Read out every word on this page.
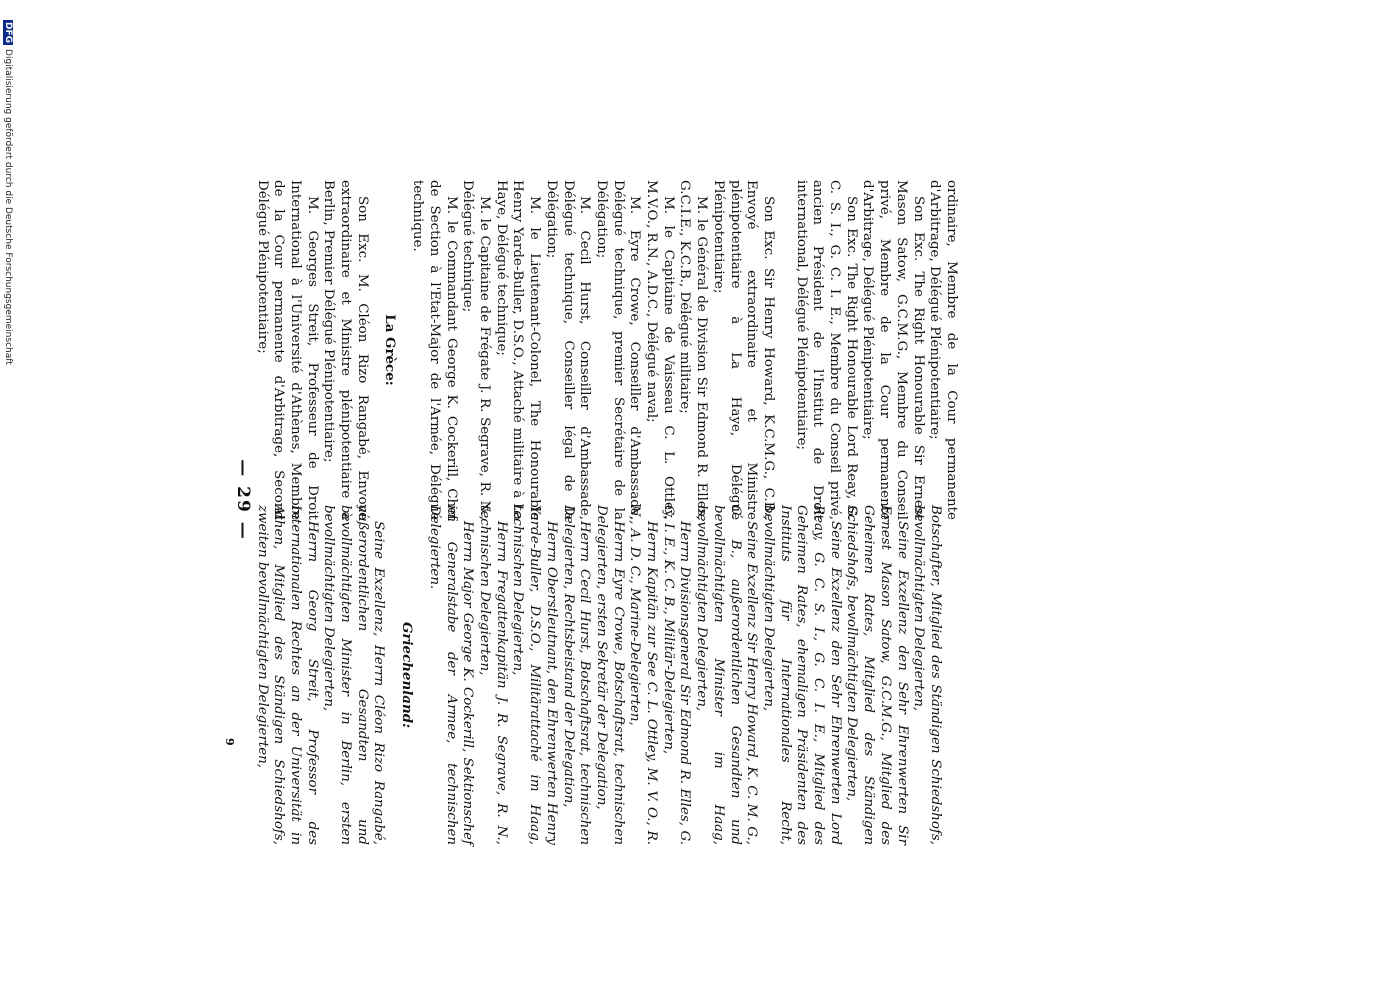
— 29 —	ordinaire, Membre de la Cour permanente d'Arbitrage, Délégué Plénipotentiaire;

Son Exc. The Right Honourable Sir Ernest Mason Satow, G.C.M.G., Membre du Conseil privé, Membre de la Cour permanente d'Arbitrage, Délégué Plénipotentiaire;

Son Exc. The Right Honourable Lord Reay, G. C. S. I., G. C. I. E., Membre du Conseil privé, ancien Président de l'Institut de Droit international, Délégué Plénipotentiaire;

Son Exc. Sir Henry Howard, K.C.M.G., C.B., Envoyé extraordinaire et Ministre plénipotentiaire à La Haye, Délégué Plénipotentiaire;

M. le Général de Division Sir Edmond R. Elles, G.C.I.E., K.C.B., Délégué militaire;

M. le Capitaine de Vaisseau C. L. Ottley, M.V.O., R.N., A.D.C., Délégué naval;

M. Eyre Crowe, Conseiller d'Ambassade, Délégué technique, premier Secrétaire de la Délégation;

M. Cecil Hurst, Conseiller d'Ambassade, Délégué technique, Conseiller légal de la Délégation;

M. le Lieutenant-Colonel, The Honourable Henry Yarde-Buller, D.S.O., Attaché militaire à La Haye, Délégué technique;

M. le Capitaine de Frégate J. R. Segrave, R. N., Délégué technique;

M. le Commandant George K. Cockerill, Chef de Section à l'Etat-Major de l'Armée, Délégué technique.

La Grèce:

Son Exc. M. Cléon Rizo Rangabé, Envoyé extraordinaire et Ministre plénipotentiaire à Berlin, Premier Délégué Plénipotentiaire;

M. Georges Streit, Professeur de Droit International à l'Université d'Athènes, Membre de la Cour permanente d'Arbitrage, Second Délégué Plénipotentiaire;

Botschafter, Mitglied des Ständigen Schiedshofs, bevollmächtigten Delegierten,

Seine Exzellenz den Sehr Ehrenwerten Sir Ernest Mason Satow, G.C.M.G., Mitglied des Geheimen Rates, Mitglied des Ständigen Schiedshofs, bevollmächtigten Delegierten,

Seine Exzellenz den Sehr Ehrenwerten Lord Reay, G. C. S. I., G. C. I. E., Mitglied des Geheimen Rates, ehemaligen Präsidenten des Instituts für Internationales Recht, bevollmächtigten Delegierten,

Seine Exzellenz Sir Henry Howard, K. C. M. G., C. B., außerordentlichen Gesandten und bevollmächtigten Minister im Haag, bevollmächtigten Delegierten,

Herrn Divisionsgeneral Sir Edmond R. Elles, G. C. I. E., K. C. B., Militär-Delegierten,

Herrn Kapitän zur See C. L. Ottley, M. V. O., R. N., A. D. C., Marine-Delegierten,

Herrn Eyre Crowe, Botschaftsrat, technischen Delegierten, ersten Sekretär der Delegation,

Herrn Cecil Hurst, Botschaftsrat, technischen Delegierten, Rechtsbeistand der Delegation,

Herrn Oberstleutnant, den Ehrenwerten Henry Yarde-Buller, D.S.O., Militärattaché im Haag, technischen Delegierten,

Herrn Fregattenkapitän J. R. Segrave, R. N., technischen Delegierten,

Herrn Major George K. Cockerill, Sektionschef im Generalstabe der Armee, technischen Delegierten.

Griechenland:

Seine Exzellenz, Herrn Cléon Rizo Rangabé, außerordentlichen Gesandten und bevollmächtigten Minister in Berlin, ersten bevollmächtigten Delegierten,

Herrn Georg Streit, Professor des Internationalen Rechtes an der Universität in Athen, Mitglied des Ständigen Schiedshofs, zweiten bevollmächtigten Delegierten,

9
DFGDigitalisierung gefördert durch die Deutsche Forschungsgemeinschaft
